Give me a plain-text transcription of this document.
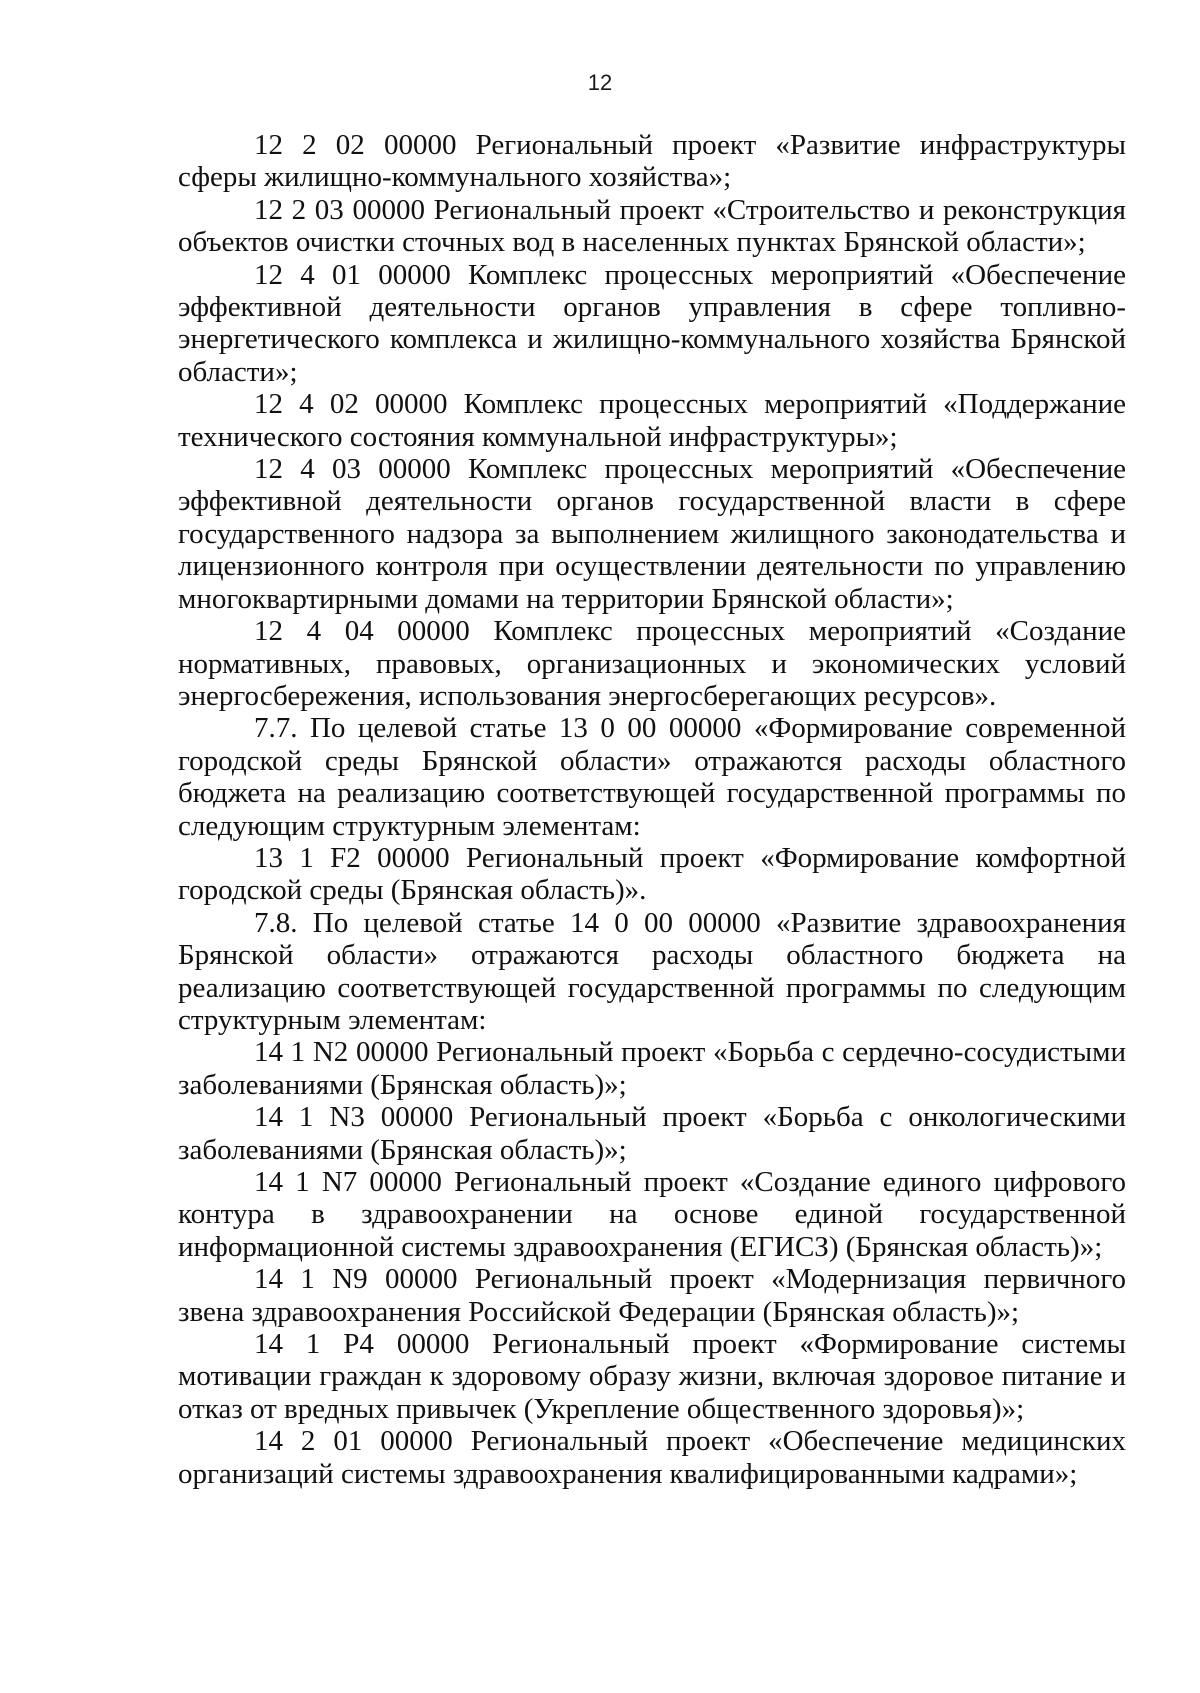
12

12 2 02 00000 Региональный проект «Развитие инфраструктуры сферы жилищно-коммунального хозяйства»;

12 2 03 00000 Региональный проект «Строительство и реконструкция объектов очистки сточных вод в населенных пунктах Брянской области»;

12 4 01 00000 Комплекс процессных мероприятий «Обеспечение эффективной деятельности органов управления в сфере топливно-энергетического комплекса и жилищно-коммунального хозяйства Брянской области»;

12 4 02 00000 Комплекс процессных мероприятий «Поддержание технического состояния коммунальной инфраструктуры»;

12 4 03 00000 Комплекс процессных мероприятий «Обеспечение эффективной деятельности органов государственной власти в сфере государственного надзора за выполнением жилищного законодательства и лицензионного контроля при осуществлении деятельности по управлению многоквартирными домами на территории Брянской области»;

12 4 04 00000 Комплекс процессных мероприятий «Создание нормативных, правовых, организационных и экономических условий энергосбережения, использования энергосберегающих ресурсов».

7.7. По целевой статье 13 0 00 00000 «Формирование современной городской среды Брянской области» отражаются расходы областного бюджета на реализацию соответствующей государственной программы по следующим структурным элементам:

13 1 F2 00000 Региональный проект «Формирование комфортной городской среды (Брянская область)».

7.8. По целевой статье 14 0 00 00000 «Развитие здравоохранения Брянской области» отражаются расходы областного бюджета на реализацию соответствующей государственной программы по следующим структурным элементам:

14 1 N2 00000 Региональный проект «Борьба с сердечно-сосудистыми заболеваниями (Брянская область)»;

14 1 N3 00000 Региональный проект «Борьба с онкологическими заболеваниями (Брянская область)»;

14 1 N7 00000 Региональный проект «Создание единого цифрового контура в здравоохранении на основе единой государственной информационной системы здравоохранения (ЕГИСЗ) (Брянская область)»;

14 1 N9 00000 Региональный проект «Модернизация первичного звена здравоохранения Российской Федерации (Брянская область)»;

14 1 P4 00000 Региональный проект «Формирование системы мотивации граждан к здоровому образу жизни, включая здоровое питание и отказ от вредных привычек (Укрепление общественного здоровья)»;

14 2 01 00000 Региональный проект «Обеспечение медицинских организаций системы здравоохранения квалифицированными кадрами»;
